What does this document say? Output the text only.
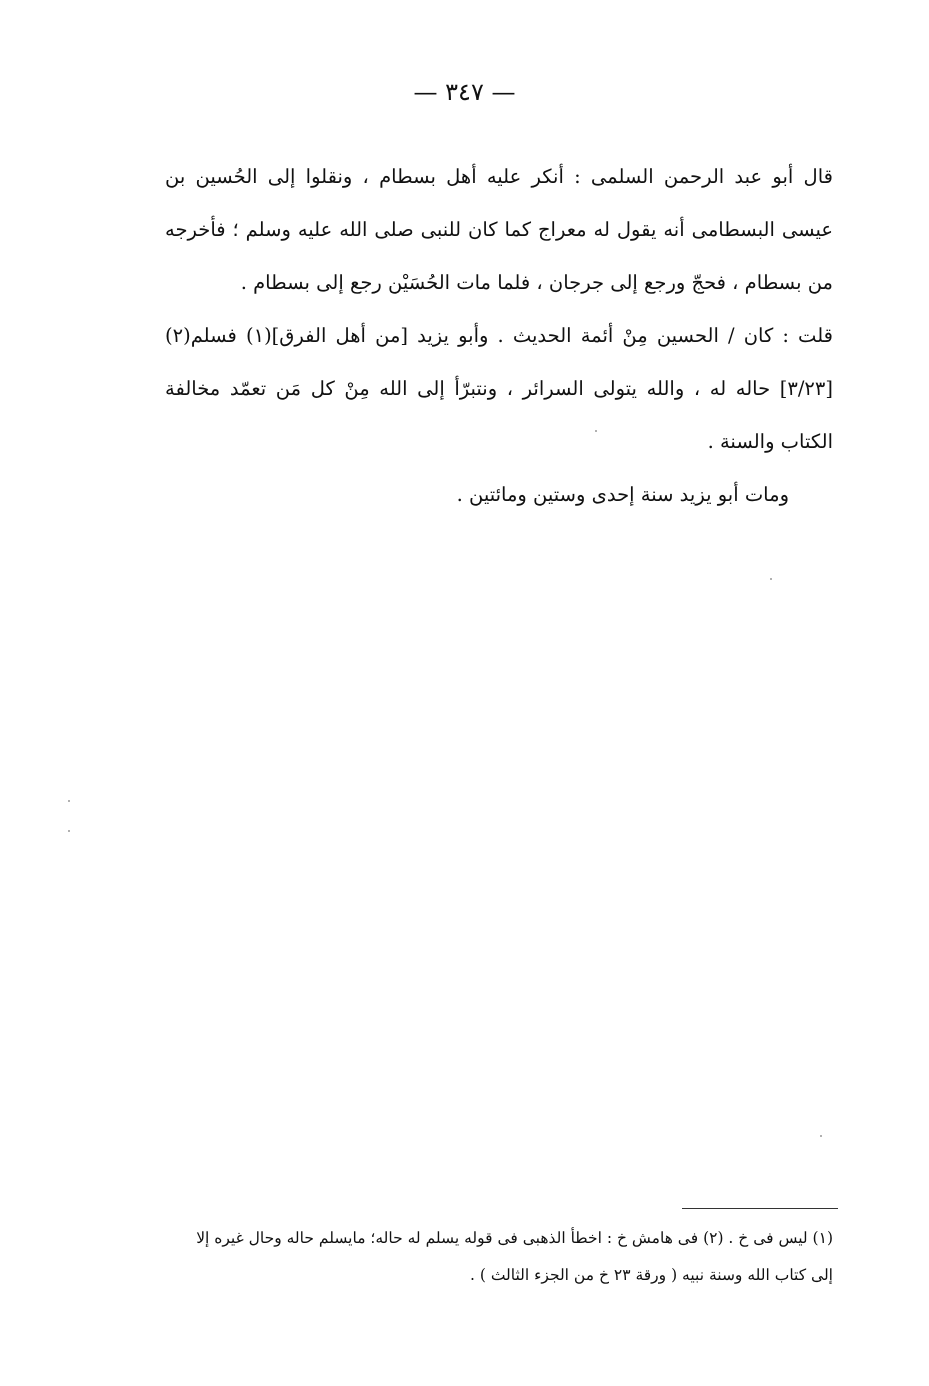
— ٣٤٧ —

قال أبو عبد الرحمن السلمى : أنكر عليه أهل بسطام ، ونقلوا إلى الحُسين بن عيسى البسطامى أنه يقول له معراج كما كان للنبى صلى الله عليه وسلم ؛ فأخرجه من بسطام ، فحجّ ورجع إلى جرجان ، فلما مات الحُسَيْن رجع إلى بسطام .

قلت : كان / الحسين مِنْ أئمة الحديث . وأبو يزيد [من أهل الفرق](١) فسلم(٢)[٣/٢٣] حاله له ، والله يتولى السرائر ، ونتبرّأ إلى الله مِنْ كل مَن تعمّد مخالفة الكتاب والسنة .

ومات أبو يزيد سنة إحدى وستين ومائتين .

(١) ليس فى خ . (٢) فى هامش خ : اخطأ الذهبى فى قوله يسلم له حاله؛ مايسلم حاله وحال غيره إلا

إلى كتاب الله وسنة نبيه ( ورقة ٢٣ خ من الجزء الثالث ) .
